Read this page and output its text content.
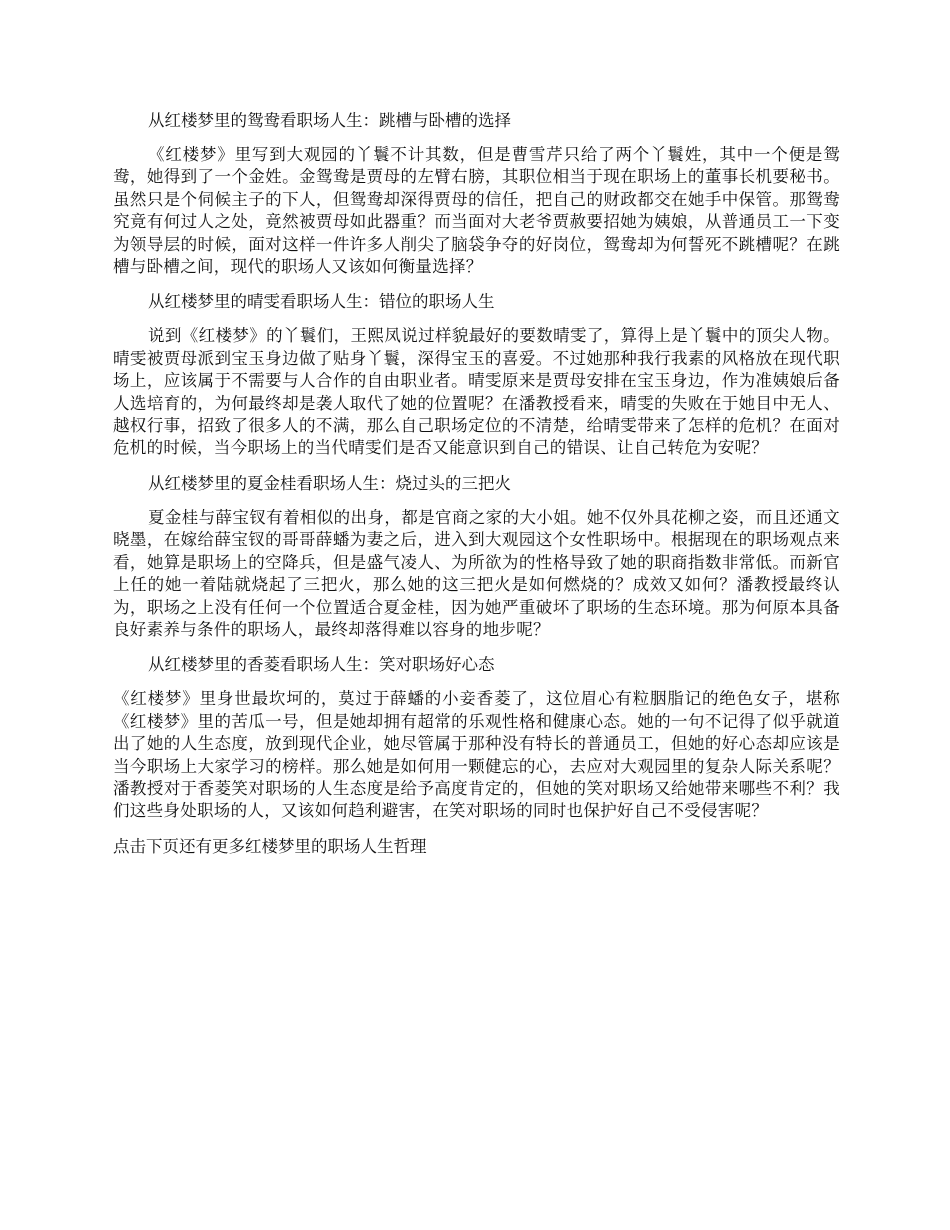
从红楼梦里的鸳鸯看职场人生：跳槽与卧槽的选择

《红楼梦》里写到大观园的丫鬟不计其数，但是曹雪芹只给了两个丫鬟姓，其中一个便是鸳鸯，她得到了一个金姓。金鸳鸯是贾母的左臂右膀，其职位相当于现在职场上的董事长机要秘书。虽然只是个伺候主子的下人，但鸳鸯却深得贾母的信任，把自己的财政都交在她手中保管。那鸳鸯究竟有何过人之处，竟然被贾母如此器重？而当面对大老爷贾赦要招她为姨娘，从普通员工一下变为领导层的时候，面对这样一件许多人削尖了脑袋争夺的好岗位，鸳鸯却为何誓死不跳槽呢？在跳槽与卧槽之间，现代的职场人又该如何衡量选择？

从红楼梦里的晴雯看职场人生：错位的职场人生

说到《红楼梦》的丫鬟们，王熙凤说过样貌最好的要数晴雯了，算得上是丫鬟中的顶尖人物。晴雯被贾母派到宝玉身边做了贴身丫鬟，深得宝玉的喜爱。不过她那种我行我素的风格放在现代职场上，应该属于不需要与人合作的自由职业者。晴雯原来是贾母安排在宝玉身边，作为准姨娘后备人选培育的，为何最终却是袭人取代了她的位置呢？在潘教授看来，晴雯的失败在于她目中无人、越权行事，招致了很多人的不满，那么自己职场定位的不清楚，给晴雯带来了怎样的危机？在面对危机的时候，当今职场上的当代晴雯们是否又能意识到自己的错误、让自己转危为安呢？

从红楼梦里的夏金桂看职场人生：烧过头的三把火

夏金桂与薛宝钗有着相似的出身，都是官商之家的大小姐。她不仅外具花柳之姿，而且还通文晓墨，在嫁给薛宝钗的哥哥薛蟠为妻之后，进入到大观园这个女性职场中。根据现在的职场观点来看，她算是职场上的空降兵，但是盛气凌人、为所欲为的性格导致了她的职商指数非常低。而新官上任的她一着陆就烧起了三把火，那么她的这三把火是如何燃烧的？成效又如何？潘教授最终认为，职场之上没有任何一个位置适合夏金桂，因为她严重破坏了职场的生态环境。那为何原本具备良好素养与条件的职场人，最终却落得难以容身的地步呢？

从红楼梦里的香菱看职场人生：笑对职场好心态

《红楼梦》里身世最坎坷的，莫过于薛蟠的小妾香菱了，这位眉心有粒胭脂记的绝色女子，堪称《红楼梦》里的苦瓜一号，但是她却拥有超常的乐观性格和健康心态。她的一句不记得了似乎就道出了她的人生态度，放到现代企业，她尽管属于那种没有特长的普通员工，但她的好心态却应该是当今职场上大家学习的榜样。那么她是如何用一颗健忘的心，去应对大观园里的复杂人际关系呢？潘教授对于香菱笑对职场的人生态度是给予高度肯定的，但她的笑对职场又给她带来哪些不利？我们这些身处职场的人，又该如何趋利避害，在笑对职场的同时也保护好自己不受侵害呢？

点击下页还有更多红楼梦里的职场人生哲理
